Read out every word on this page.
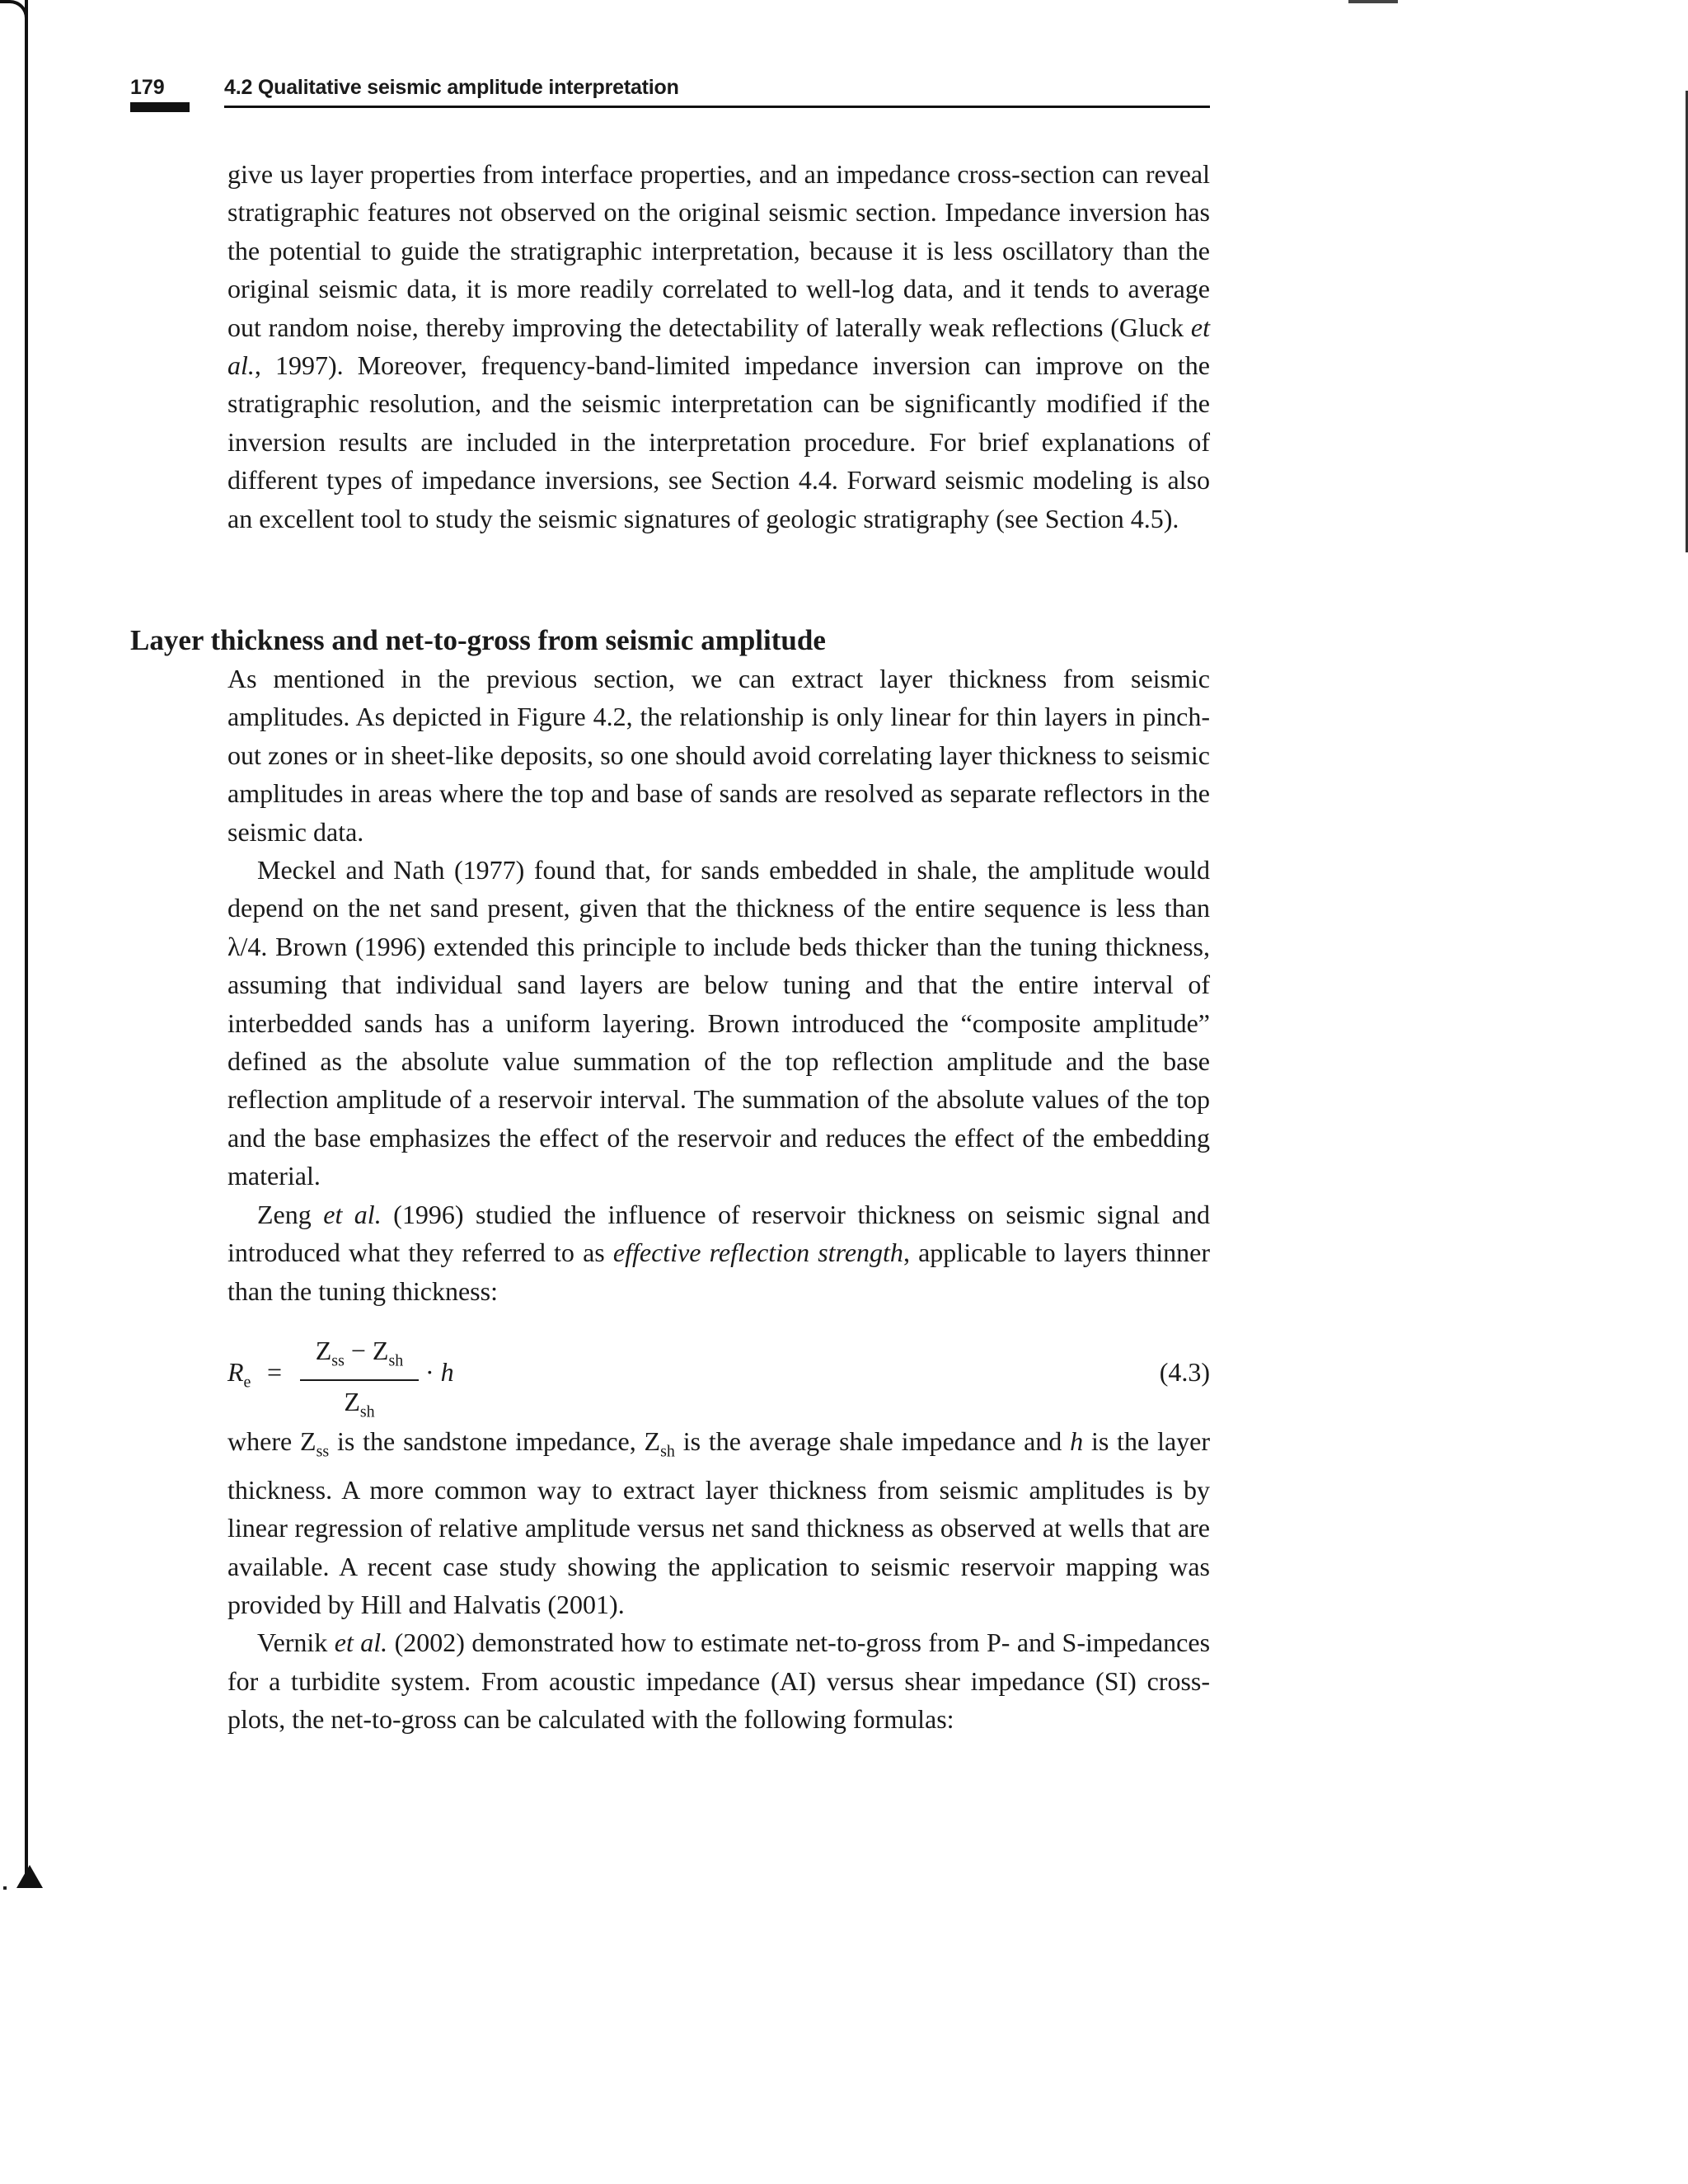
179	4.2 Qualitative seismic amplitude interpretation

give us layer properties from interface properties, and an impedance cross-section can reveal stratigraphic features not observed on the original seismic section. Impedance inversion has the potential to guide the stratigraphic interpretation, because it is less oscillatory than the original seismic data, it is more readily correlated to well-log data, and it tends to average out random noise, thereby improving the detectability of laterally weak reflections (Gluck et al., 1997). Moreover, frequency-band-limited impedance inversion can improve on the stratigraphic resolution, and the seismic interpretation can be significantly modified if the inversion results are included in the interpretation procedure. For brief explanations of different types of impedance inversions, see Section 4.4. Forward seismic modeling is also an excellent tool to study the seismic signatures of geologic stratigraphy (see Section 4.5).

Layer thickness and net-to-gross from seismic amplitude

As mentioned in the previous section, we can extract layer thickness from seismic amplitudes. As depicted in Figure 4.2, the relationship is only linear for thin layers in pinch-out zones or in sheet-like deposits, so one should avoid correlating layer thickness to seismic amplitudes in areas where the top and base of sands are resolved as separate reflectors in the seismic data.

Meckel and Nath (1977) found that, for sands embedded in shale, the amplitude would depend on the net sand present, given that the thickness of the entire sequence is less than λ/4. Brown (1996) extended this principle to include beds thicker than the tuning thickness, assuming that individual sand layers are below tuning and that the entire interval of interbedded sands has a uniform layering. Brown introduced the “composite amplitude” defined as the absolute value summation of the top reflection amplitude and the base reflection amplitude of a reservoir interval. The summation of the absolute values of the top and the base emphasizes the effect of the reservoir and reduces the effect of the embedding material.

Zeng et al. (1996) studied the influence of reservoir thickness on seismic signal and introduced what they referred to as effective reflection strength, applicable to layers thinner than the tuning thickness:

$R_e$ =
$Z_{ss} - Z_{sh}$
$Z_{sh}$
· h	(4.3)

where $Z_{ss}$ is the sandstone impedance, $Z_{sh}$ is the average shale impedance and h is the layer thickness. A more common way to extract layer thickness from seismic amplitudes is by linear regression of relative amplitude versus net sand thickness as observed at wells that are available. A recent case study showing the application to seismic reservoir mapping was provided by Hill and Halvatis (2001).

Vernik et al. (2002) demonstrated how to estimate net-to-gross from P- and S-impedances for a turbidite system. From acoustic impedance (AI) versus shear impedance (SI) cross-plots, the net-to-gross can be calculated with the following formulas:
